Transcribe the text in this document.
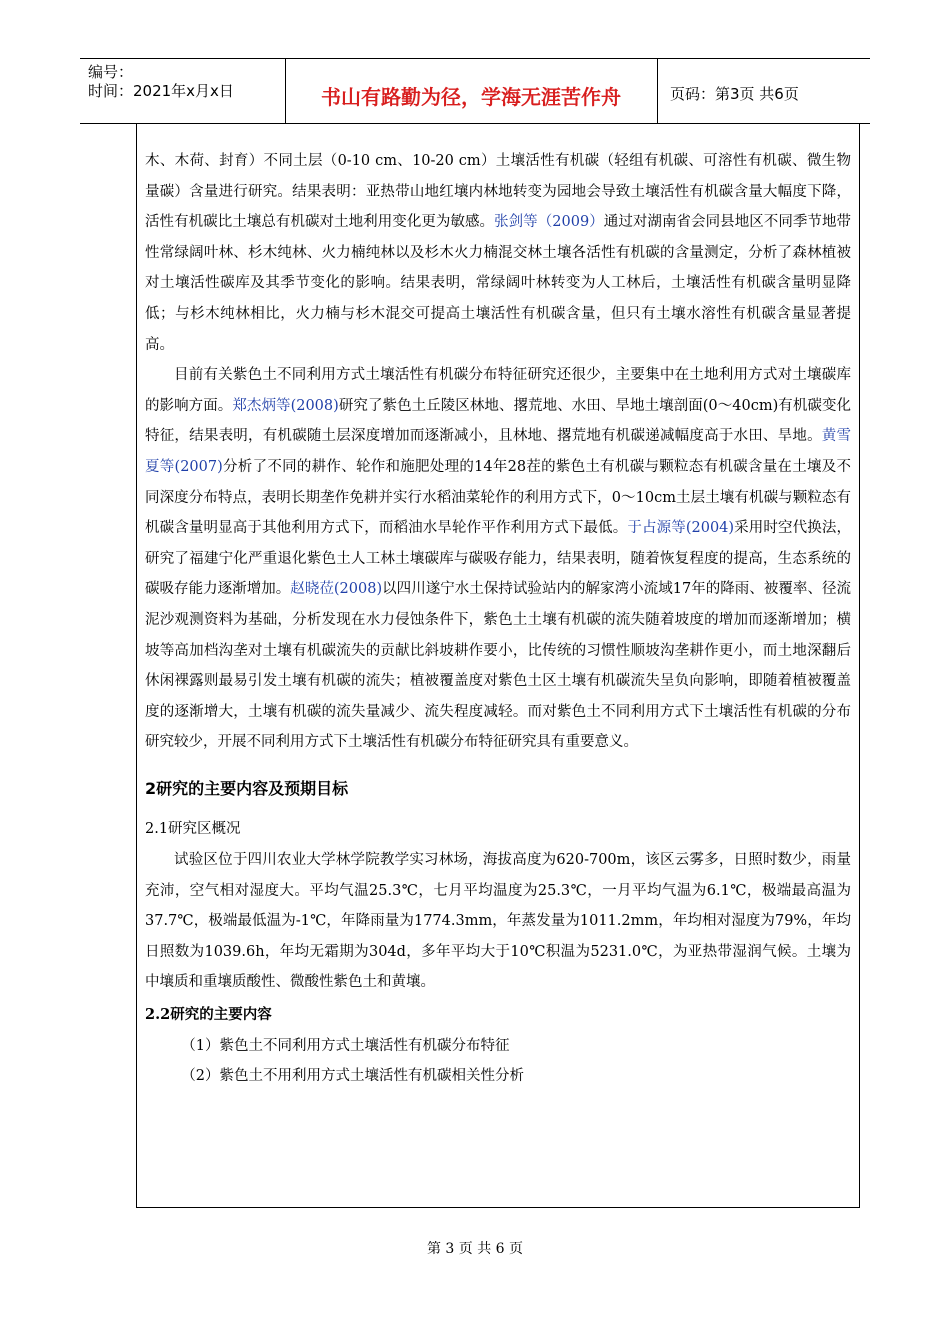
编号：
时间：2021年x月x日	书山有路勤为径，学海无涯苦作舟	页码：第3页 共6页

木、木荷、封育）不同土层（0-10 cm、10-20 cm）土壤活性有机碳（轻组有机碳、可溶性有机碳、微生物量碳）含量进行研究。结果表明：亚热带山地红壤内林地转变为园地会导致土壤活性有机碳含量大幅度下降，活性有机碳比土壤总有机碳对土地利用变化更为敏感。张剑等（2009）通过对湖南省会同县地区不同季节地带性常绿阔叶林、杉木纯林、火力楠纯林以及杉木火力楠混交林土壤各活性有机碳的含量测定，分析了森林植被对土壤活性碳库及其季节变化的影响。结果表明，常绿阔叶林转变为人工林后，土壤活性有机碳含量明显降低；与杉木纯林相比，火力楠与杉木混交可提高土壤活性有机碳含量，但只有土壤水溶性有机碳含量显著提高。

目前有关紫色土不同利用方式土壤活性有机碳分布特征研究还很少，主要集中在土地利用方式对土壤碳库的影响方面。郑杰炳等(2008)研究了紫色土丘陵区林地、撂荒地、水田、旱地土壤剖面(0～40cm)有机碳变化特征，结果表明，有机碳随土层深度增加而逐渐减小，且林地、撂荒地有机碳递减幅度高于水田、旱地。黄雪夏等(2007)分析了不同的耕作、轮作和施肥处理的14年28茬的紫色土有机碳与颗粒态有机碳含量在土壤及不同深度分布特点，表明长期垄作免耕并实行水稻油菜轮作的利用方式下，0～10cm土层土壤有机碳与颗粒态有机碳含量明显高于其他利用方式下，而稻油水旱轮作平作利用方式下最低。于占源等(2004)采用时空代换法，研究了福建宁化严重退化紫色土人工林土壤碳库与碳吸存能力，结果表明，随着恢复程度的提高，生态系统的碳吸存能力逐渐增加。赵晓莅(2008)以四川遂宁水土保持试验站内的解家湾小流域17年的降雨、被覆率、径流泥沙观测资料为基础，分析发现在水力侵蚀条件下，紫色土土壤有机碳的流失随着坡度的增加而逐渐增加；横坡等高加档沟垄对土壤有机碳流失的贡献比斜坡耕作要小，比传统的习惯性顺坡沟垄耕作更小，而土地深翻后休闲裸露则最易引发土壤有机碳的流失；植被覆盖度对紫色土区土壤有机碳流失呈负向影响，即随着植被覆盖度的逐渐增大，土壤有机碳的流失量减少、流失程度减轻。而对紫色土不同利用方式下土壤活性有机碳的分布研究较少，开展不同利用方式下土壤活性有机碳分布特征研究具有重要意义。

2研究的主要内容及预期目标
2.1研究区概况

试验区位于四川农业大学林学院教学实习林场，海拔高度为620-700m，该区云雾多，日照时数少，雨量充沛，空气相对湿度大。平均气温25.3℃，七月平均温度为25.3℃，一月平均气温为6.1℃，极端最高温为37.7℃，极端最低温为-1℃，年降雨量为1774.3mm，年蒸发量为1011.2mm，年均相对湿度为79%，年均日照数为1039.6h，年均无霜期为304d，多年平均大于10℃积温为5231.0℃，为亚热带湿润气候。土壤为中壤质和重壤质酸性、微酸性紫色土和黄壤。

2.2研究的主要内容
（1）紫色土不同利用方式土壤活性有机碳分布特征
（2）紫色土不用利用方式土壤活性有机碳相关性分析
第 3 页 共 6 页
